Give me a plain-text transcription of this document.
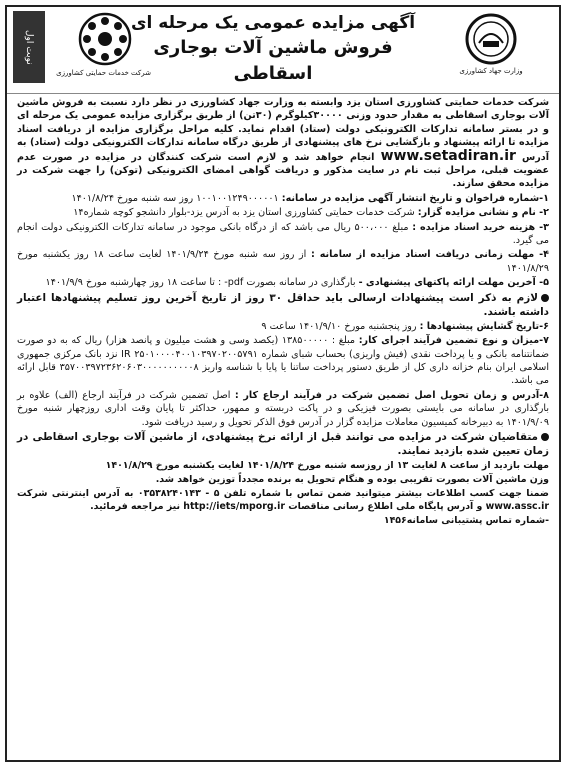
وزارت جهاد کشاورزی
آگهی مزایده عمومی یک مرحله ای
فروش ماشین آلات بوجاری اسقاطی
شرکت خدمات حمایتی کشاورزی
نوبت اول

شرکت خدمات حمایتی کشاورزی استان یزد وابسته به وزارت جهاد کشاورزی در نظر دارد نسبت به فروش ماشین آلات بوجاری اسقاطی به مقدار حدود وزنی ۳۰۰۰۰کیلوگرم (۳۰تن) از طریق برگزاری مزایده عمومی یک مرحله ای و در بستر سامانه تدارکات الکترونیکی دولت (ستاد) اقدام نماید. کلیه مراحل برگزاری مزایده از دریافت اسناد مزایده تا ارائه پیشنهاد و بازگشایی نرخ های پیشنهادی از طریق درگاه سامانه تدارکات الکترونیکی دولت (ستاد) به آدرس www.setadiran.ir انجام خواهد شد و لازم است شرکت کنندگان در مزایده در صورت عدم عضویت قبلی، مراحل ثبت نام در سایت مذکور و دریافت گواهی امضای الکترونیکی (توکن) را جهت شرکت در مزایده محقق سازند.

۱-شماره فراخوان و تاریخ انتشار آگهی مزایده در سامانه: ۱۰۰۱۰۰۱۲۴۹۰۰۰۰۰۱ روز سه شنبه مورخ ۱۴۰۱/۸/۲۴

۲- نام و نشانی مزایده گزار: شرکت خدمات حمایتی کشاورزی استان یزد به آدرس یزد-بلوار دانشجو کوچه شماره۱۴

۳- هزینه خرید اسناد مزایده : مبلغ ۵۰۰،۰۰۰ ریال می باشد که از درگاه بانکی موجود در سامانه تدارکات الکترونیکی دولت انجام می گیرد.

۴- مهلت زمانی دریافت اسناد مزایده از سامانه : از روز سه شنبه مورخ ۱۴۰۱/۹/۲۴ لغایت ساعت ۱۸ روز یکشنبه مورخ ۱۴۰۱/۸/۲۹

۵- آخرین مهلت ارائه پاکتهای پیشنهادی - بارگذاری در سامانه بصورت pdf- : تا ساعت ۱۸ روز چهارشنبه مورخ ۱۴۰۱/۹/۹

لازم به ذکر است پیشنهادات ارسالی باید حداقل ۳۰ روز از تاریخ آخرین روز تسلیم پیشنهادها اعتبار داشته باشند.

۶-تاریخ گشایش پیشنهادها : روز پنجشنبه مورخ ۱۴۰۱/۹/۱۰ ساعت ۹

۷-میزان و نوع تضمین فرآیند اجرای کار: مبلغ : ۱۳۸۵۰۰۰۰۰ (یکصد وسی و هشت میلیون و پانصد هزار) ریال که به دو صورت ضمانتنامه بانکی و یا پرداخت نقدی (فیش واریزی) بحساب شبای شماره IR ۲۵۰۱۰۰۰۰۴۰۰۱۰۳۹۷۰۲۰۰۵۷۹۱ نزد بانک مرکزی جمهوری اسلامی ایران بنام خزانه داری کل از طریق دستور پرداخت ساتنا یا پایا با شناسه واریز ۳۵۷۰۰۳۹۷۲۳۶۲۰۶۰۳۰۰۰۰۰۰۰۰۰۰۸ قابل ارائه می باشد.

۸-آدرس و زمان تحویل اصل تضمین شرکت در فرآیند ارجاع کار : اصل تضمین شرکت در فرآیند ارجاع (الف) علاوه بر بارگذاری در سامانه می بایستی بصورت فیزیکی و در پاکت دربسته و ممهور، حداکثر تا پایان وقت اداری روزچهار شنبه مورخ ۱۴۰۱/۹/۰۹ به دبیرخانه کمیسیون معاملات مزایده گزار در آدرس فوق الذکر تحویل و رسید دریافت شود.

متقاضیان شرکت در مزایده می توانند قبل از ارائه نرخ پیشنهادی، از ماشین آلات بوجاری اسقاطی در زمان تعیین شده بازدید نمایند.

مهلت بازدید از ساعت ۸ لغایت ۱۳ از روزسه شنبه مورخ ۱۴۰۱/۸/۲۴ لغایت یکشنبه مورخ ۱۴۰۱/۸/۲۹

وزن ماشین آلات بصورت تقریبی بوده و هنگام تحویل به برنده مجدداً توزین خواهد شد.

ضمنا جهت کسب اطلاعات بیشتر میتوانید ضمن تماس با شماره تلفن ۵ - ۰۳۵۳۸۲۴۰۱۴۳ به آدرس اینترنتی شرکت www.assc.ir و آدرس پایگاه ملی اطلاع رسانی مناقصات http://iets/mporg.ir نیز مراجعه فرمائید.

-شماره تماس پشتیبانی سامانه۱۴۵۶
